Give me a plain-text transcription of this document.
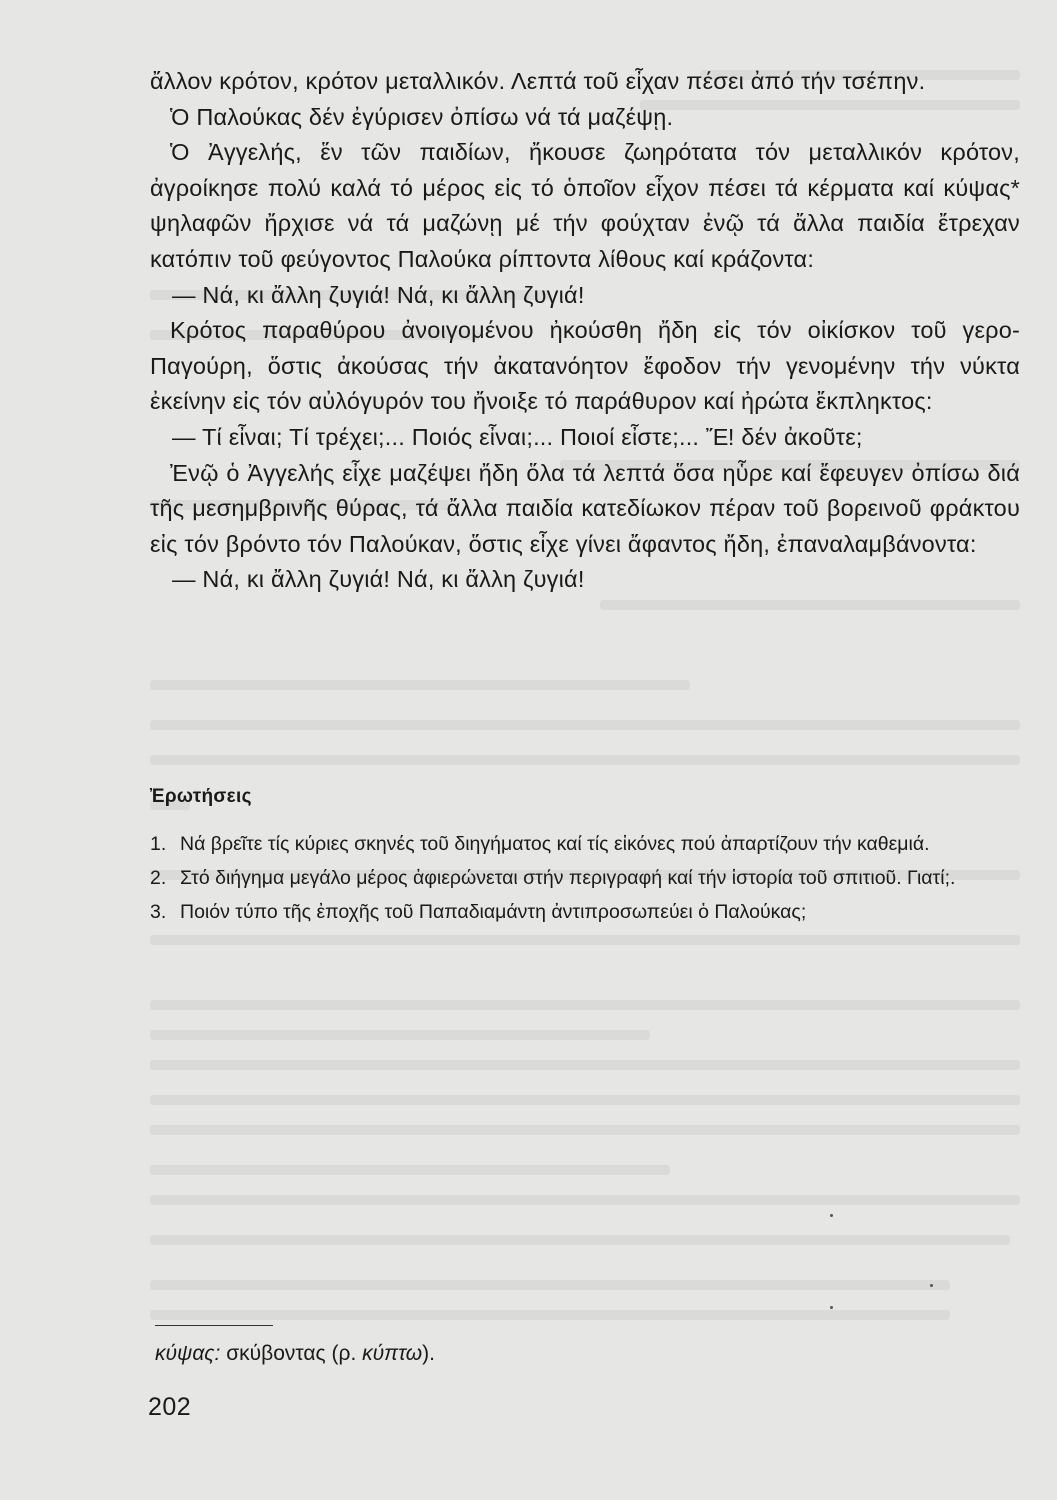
ἄλλον κρότον, κρότον μεταλλικόν. Λεπτά τοῦ εἶχαν πέσει ἀπό τήν τσέπην.

Ὁ Παλούκας δέν ἐγύρισεν ὀπίσω νά τά μαζέψῃ.

Ὁ Ἀγγελής, ἕν τῶν παιδίων, ἤκουσε ζωηρότατα τόν μεταλλικόν κρότον, ἀγροίκησε πολύ καλά τό μέρος εἰς τό ὁποῖον εἶχον πέσει τά κέρματα καί κύψας* ψηλαφῶν ἤρχισε νά τά μαζώνῃ μέ τήν φούχταν ἐνῷ τά ἄλλα παιδία ἔτρεχαν κατόπιν τοῦ φεύγοντος Παλούκα ρίπτοντα λίθους καί κράζοντα:

— Νά, κι ἄλλη ζυγιά! Νά, κι ἄλλη ζυγιά!

Κρότος παραθύρου ἀνοιγομένου ἠκούσθη ἤδη εἰς τόν οἰκίσκον τοῦ γερο-Παγούρη, ὅστις ἀκούσας τήν ἀκατανόητον ἔφοδον τήν γενομένην τήν νύκτα ἐκείνην εἰς τόν αὐλόγυρόν του ἤνοιξε τό παράθυρον καί ἠρώτα ἔκπληκτος:

— Τί εἶναι; Τί τρέχει;... Ποιός εἶναι;... Ποιοί εἶστε;... Ἔ! δέν ἀκοῦτε;

Ἐνῷ ὁ Ἀγγελής εἶχε μαζέψει ἤδη ὅλα τά λεπτά ὅσα ηὗρε καί ἔφευγεν ὀπίσω διά τῆς μεσημβρινῆς θύρας, τά ἄλλα παιδία κατεδίωκον πέραν τοῦ βορεινοῦ φράκτου εἰς τόν βρόντο τόν Παλούκαν, ὅστις εἶχε γίνει ἄφαντος ἤδη, ἐπαναλαμβάνοντα:

— Νά, κι ἄλλη ζυγιά! Νά, κι ἄλλη ζυγιά!

Ἐρωτήσεις
1. Νά βρεῖτε τίς κύριες σκηνές τοῦ διηγήματος καί τίς εἰκόνες πού ἀπαρτίζουν τήν καθεμιά.
2. Στό διήγημα μεγάλο μέρος ἀφιερώνεται στήν περιγραφή καί τήν ἱστορία τοῦ σπιτιοῦ. Γιατί;.
3. Ποιόν τύπο τῆς ἐποχῆς τοῦ Παπαδιαμάντη ἀντιπροσωπεύει ὁ Παλούκας;
κύψας: σκύβοντας (ρ. κύπτω).
202
